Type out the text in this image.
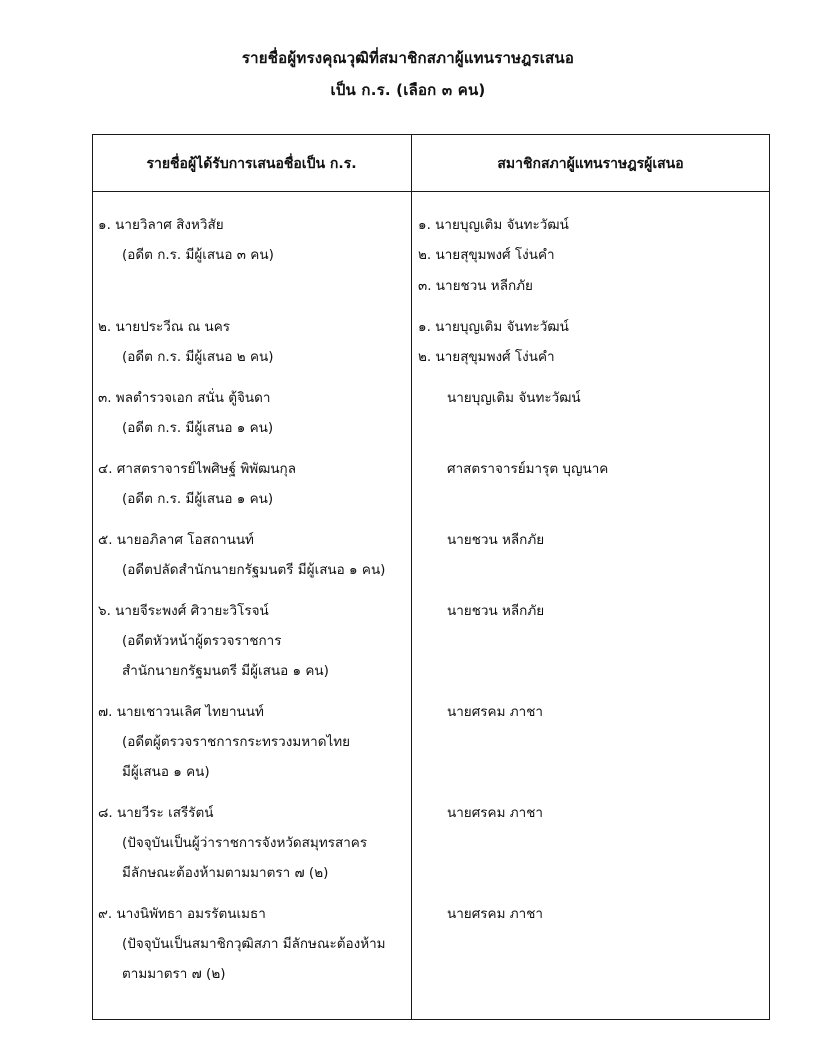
รายชื่อผู้ทรงคุณวุฒิที่สมาชิกสภาผู้แทนราษฎรเสนอ
เป็น ก.ร. (เลือก ๓ คน)
รายชื่อผู้ได้รับการเสนอชื่อเป็น ก.ร.	สมาชิกสภาผู้แทนราษฎรผู้เสนอ
๑. นายวิลาศ สิงหวิสัย
(อดีต ก.ร. มีผู้เสนอ ๓ คน)
๑. นายบุญเติม จันทะวัฒน์
๒. นายสุขุมพงศ์ โง่นคำ
๓. นายชวน หลีกภัย
๒. นายประวีณ ณ นคร
(อดีต ก.ร. มีผู้เสนอ ๒ คน)
๑. นายบุญเติม จันทะวัฒน์
๒. นายสุขุมพงศ์ โง่นคำ
๓. พลตำรวจเอก สนั่น ตู้จินดา
(อดีต ก.ร. มีผู้เสนอ ๑ คน)
นายบุญเติม จันทะวัฒน์
๔. ศาสตราจารย์ไพศิษฐ์ พิพัฒนกุล
(อดีต ก.ร. มีผู้เสนอ ๑ คน)
ศาสตราจารย์มารุต บุญนาค
๕. นายอภิลาศ โอสถานนท์
(อดีตปลัดสำนักนายกรัฐมนตรี มีผู้เสนอ ๑ คน)
นายชวน หลีกภัย
๖. นายจีระพงศ์ ศิวายะวิโรจน์
(อดีตหัวหน้าผู้ตรวจราชการ
สำนักนายกรัฐมนตรี มีผู้เสนอ ๑ คน)
นายชวน หลีกภัย
๗. นายเชาวนเลิศ ไทยานนท์
(อดีตผู้ตรวจราชการกระทรวงมหาดไทย
มีผู้เสนอ ๑ คน)
นายศรคม ภาชา
๘. นายวีระ เสรีรัตน์
(ปัจจุบันเป็นผู้ว่าราชการจังหวัดสมุทรสาคร
มีลักษณะต้องห้ามตามมาตรา ๗ (๒)
นายศรคม ภาชา
๙. นางนิพัทธา อมรรัตนเมธา
(ปัจจุบันเป็นสมาชิกวุฒิสภา มีลักษณะต้องห้าม
ตามมาตรา ๗ (๒)
นายศรคม ภาชา
